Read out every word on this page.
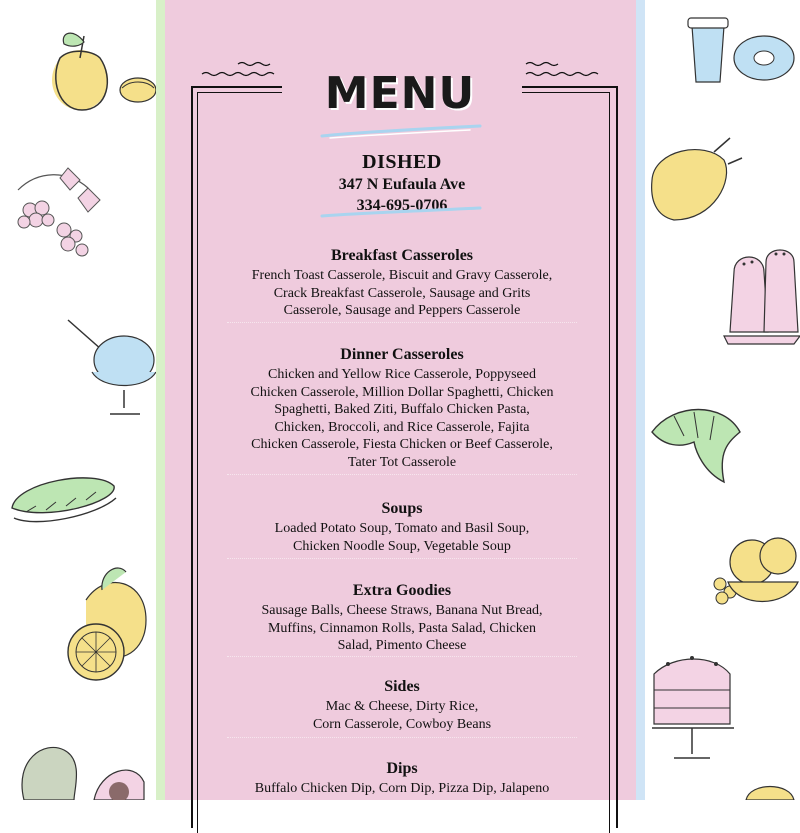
MENU
DISHED
347 N Eufaula Ave
334-695-0706
Breakfast Casseroles
French Toast Casserole, Biscuit and Gravy Casserole,
Crack Breakfast Casserole, Sausage and Grits
Casserole, Sausage and Peppers Casserole
Dinner Casseroles
Chicken and Yellow Rice Casserole, Poppyseed
Chicken Casserole, Million Dollar Spaghetti, Chicken
Spaghetti, Baked Ziti, Buffalo Chicken Pasta,
Chicken, Broccoli, and Rice Casserole, Fajita
Chicken Casserole, Fiesta Chicken or Beef Casserole,
Tater Tot Casserole
Soups
Loaded Potato Soup, Tomato and Basil Soup,
Chicken Noodle Soup, Vegetable Soup
Extra Goodies
Sausage Balls, Cheese Straws, Banana Nut Bread,
Muffins, Cinnamon Rolls, Pasta Salad, Chicken
Salad, Pimento Cheese
Sides
Mac & Cheese, Dirty Rice,
Corn Casserole, Cowboy Beans
Dips
Buffalo Chicken Dip, Corn Dip, Pizza Dip, Jalapeno
